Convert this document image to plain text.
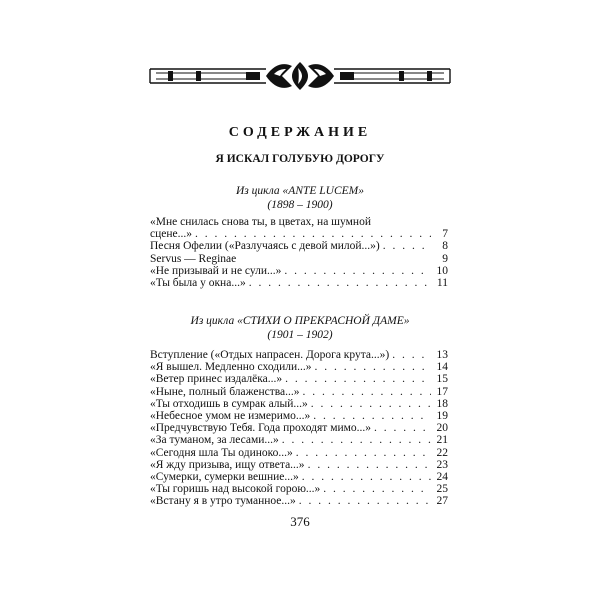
СОДЕРЖАНИЕ
Я ИСКАЛ ГОЛУБУЮ ДОРОГУ
Из цикла «ANTE LUCEM»
(1898 – 1900)
«Мне снилась снова ты, в цветах, на шумной
сцене...» . . .	7
Песня Офелии («Разлучаясь с девой милой...») . . .	8
Servus — Reginae	9
«Не призывай и не сули...» . . .	10
«Ты была у окна...» . . .	11
Из цикла «СТИХИ О ПРЕКРАСНОЙ ДАМЕ»
(1901 – 1902)
Вступление («Отдых напрасен. Дорога крута...») . . .	13
«Я вышел. Медленно сходили...» . . .	14
«Ветер принес издалёка...» . . .	15
«Ныне, полный блаженства...» . . .	17
«Ты отходишь в сумрак алый...» . . .	18
«Небесное умом не измеримо...» . . .	19
«Предчувствую Тебя. Года проходят мимо...» . . .	20
«За туманом, за лесами...» . . .	21
«Сегодня шла Ты одиноко...» . . .	22
«Я жду призыва, ищу ответа...» . . .	23
«Сумерки, сумерки вешние...» . . .	24
«Ты горишь над высокой горою...» . . .	25
«Встану я в утро туманное...» . . .	27
376
